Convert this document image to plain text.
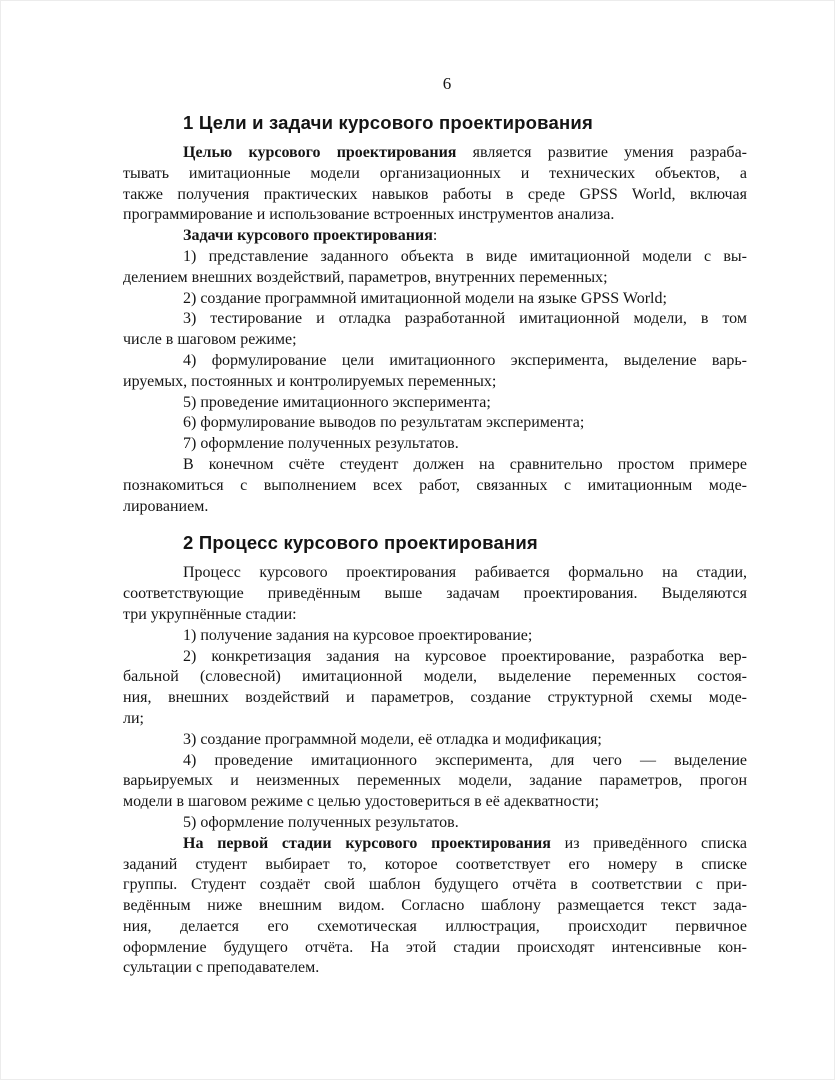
6
1 Цели и задачи курсового проектирования
Целью курсового проектирования является развитие умения разраба-
тывать имитационные модели организационных и технических объектов, а
также получения практических навыков работы в среде GPSS World, включая
программирование и использование встроенных инструментов анализа.
Задачи курсового проектирования:
1) представление заданного объекта в виде имитационной модели с вы-
делением внешних воздействий, параметров, внутренних переменных;
2) создание программной имитационной модели на языке GPSS World;
3) тестирование и отладка разработанной имитационной модели, в том
числе в шаговом режиме;
4) формулирование цели имитационного эксперимента, выделение варь-
ируемых, постоянных и контролируемых переменных;
5) проведение имитационного эксперимента;
6) формулирование выводов по результатам эксперимента;
7) оформление полученных результатов.
В конечном счёте стеудент должен на сравнительно простом примере
познакомиться с выполнением всех работ, связанных с имитационным моде-
лированием.
2 Процесс курсового проектирования
Процесс курсового проектирования рабивается формально на стадии,
соответствующие приведённым выше задачам проектирования. Выделяются
три укрупнённые стадии:
1) получение задания на курсовое проектирование;
2) конкретизация задания на курсовое проектирование, разработка вер-
бальной (словесной) имитационной модели, выделение переменных состоя-
ния, внешних воздействий и параметров, создание структурной схемы моде-
ли;
3) создание программной модели, её отладка и модификация;
4) проведение имитационного эксперимента, для чего — выделение
варьируемых и неизменных переменных модели, задание параметров, прогон
модели в шаговом режиме с целью удостовериться в её адекватности;
5) оформление полученных результатов.
На первой стадии курсового проектирования из приведённого списка
заданий студент выбирает то, которое соответствует его номеру в списке
группы. Студент создаёт свой шаблон будущего отчёта в соответствии с при-
ведённым ниже внешним видом. Согласно шаблону размещается текст зада-
ния, делается его схемотическая иллюстрация, происходит первичное
оформление будущего отчёта. На этой стадии происходят интенсивные кон-
сультации с преподавателем.
